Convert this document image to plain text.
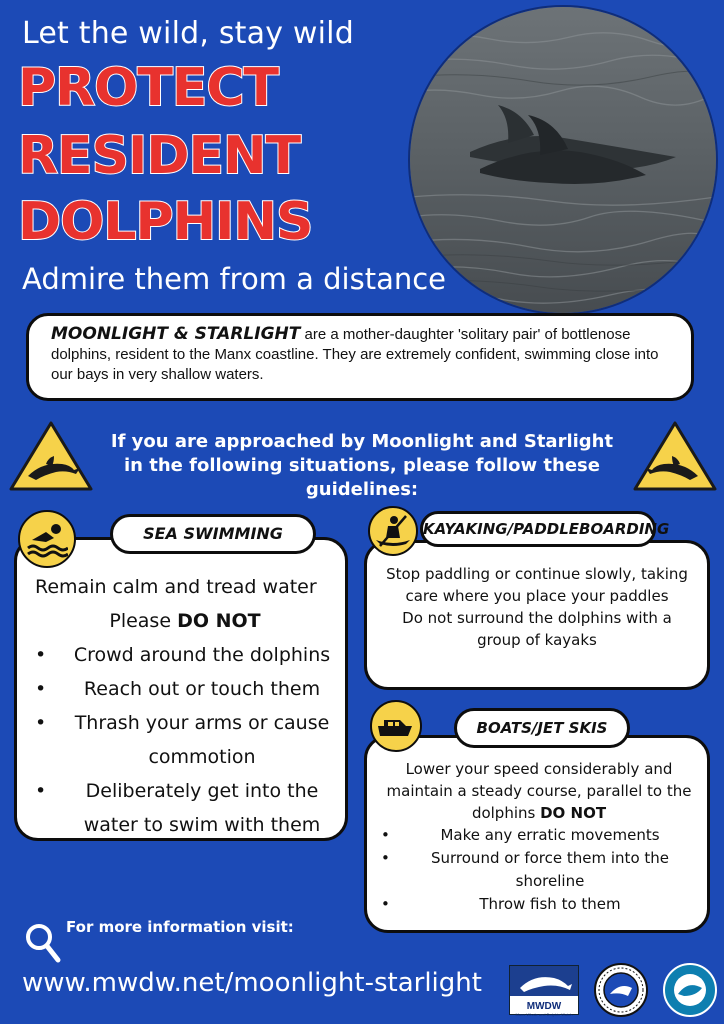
Let the wild, stay wild
PROTECT
RESIDENT
DOLPHINS
Admire them from a distance
MOONLIGHT & STARLIGHT are a mother-daughter 'solitary pair' of bottlenose dolphins, resident to the Manx coastline. They are extremely confident, swimming close into our bays in very shallow waters.
If you are approached by Moonlight and Starlight in the following situations, please follow these guidelines:
Remain calm and tread water
Please DO NOT
• Crowd around the dolphins
• Reach out or touch them
• Thrash your arms or cause commotion
• Deliberately get into the water to swim with them
SEA SWIMMING
Stop paddling or continue slowly, taking care where you place your paddles
Do not surround the dolphins with a group of kayaks
KAYAKING/PADDLEBOARDING
Lower your speed considerably and maintain a steady course, parallel to the dolphins DO NOT
• Make any erratic movements
• Surround or force them into the shoreline
• Throw fish to them
BOATS/JET SKIS
For more information visit:
www.mwdw.net/moonlight-starlight
MWDW
Manx Whale and Dolphin Watch
